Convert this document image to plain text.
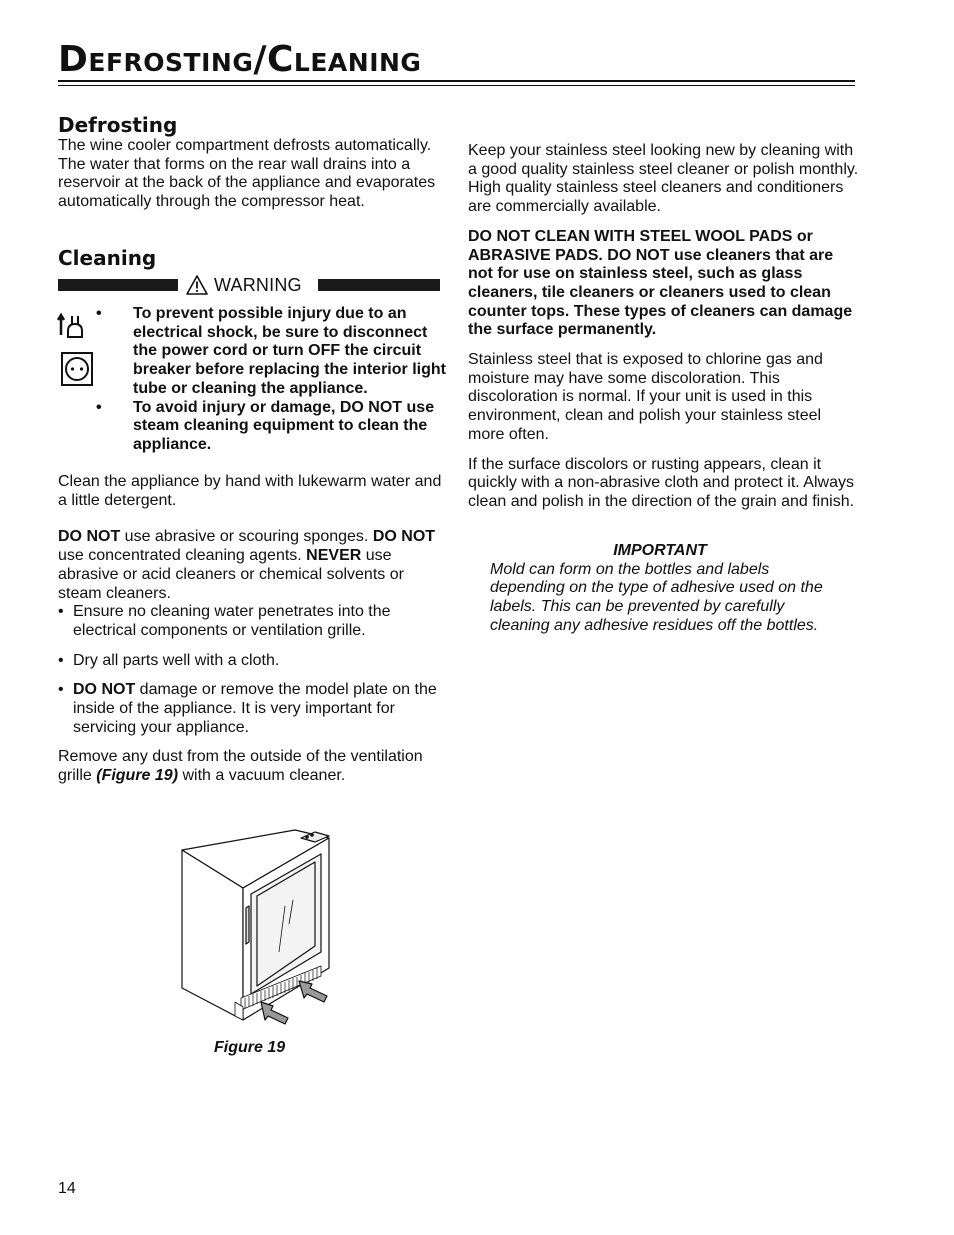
Defrosting/Cleaning
Defrosting

The wine cooler compartment defrosts automatically. The water that forms on the rear wall drains into a reservoir at the back of the appliance and evaporates automatically through the compressor heat.

Cleaning
WARNING
• To prevent possible injury due to an electrical shock, be sure to disconnect the power cord or turn OFF the circuit breaker before replacing the interior light tube or cleaning the appliance.
• To avoid injury or damage, DO NOT use steam cleaning equipment to clean the appliance.

Clean the appliance by hand with lukewarm water and a little detergent.

DO NOT use abrasive or scouring sponges. DO NOT use concentrated cleaning agents. NEVER use abrasive or acid cleaners or chemical solvents or steam cleaners.

• Ensure no cleaning water penetrates into the electrical components or ventilation grille.
• Dry all parts well with a cloth.
• DO NOT damage or remove the model plate on the inside of the appliance. It is very important for servicing your appliance.

Remove any dust from the outside of the ventilation grille (Figure 19) with a vacuum cleaner.

Figure 19

Keep your stainless steel looking new by cleaning with a good quality stainless steel cleaner or polish monthly. High quality stainless steel cleaners and conditioners are commercially available.

DO NOT CLEAN WITH STEEL WOOL PADS or ABRASIVE PADS. DO NOT use cleaners that are not for use on stainless steel, such as glass cleaners, tile cleaners or cleaners used to clean counter tops. These types of cleaners can damage the surface permanently.

Stainless steel that is exposed to chlorine gas and moisture may have some discoloration. This discoloration is normal. If your unit is used in this environment, clean and polish your stainless steel more often.

If the surface discolors or rusting appears, clean it quickly with a non-abrasive cloth and protect it. Always clean and polish in the direction of the grain and finish.

IMPORTANT
Mold can form on the bottles and labels depending on the type of adhesive used on the labels. This can be prevented by carefully cleaning any adhesive residues off the bottles.
14
